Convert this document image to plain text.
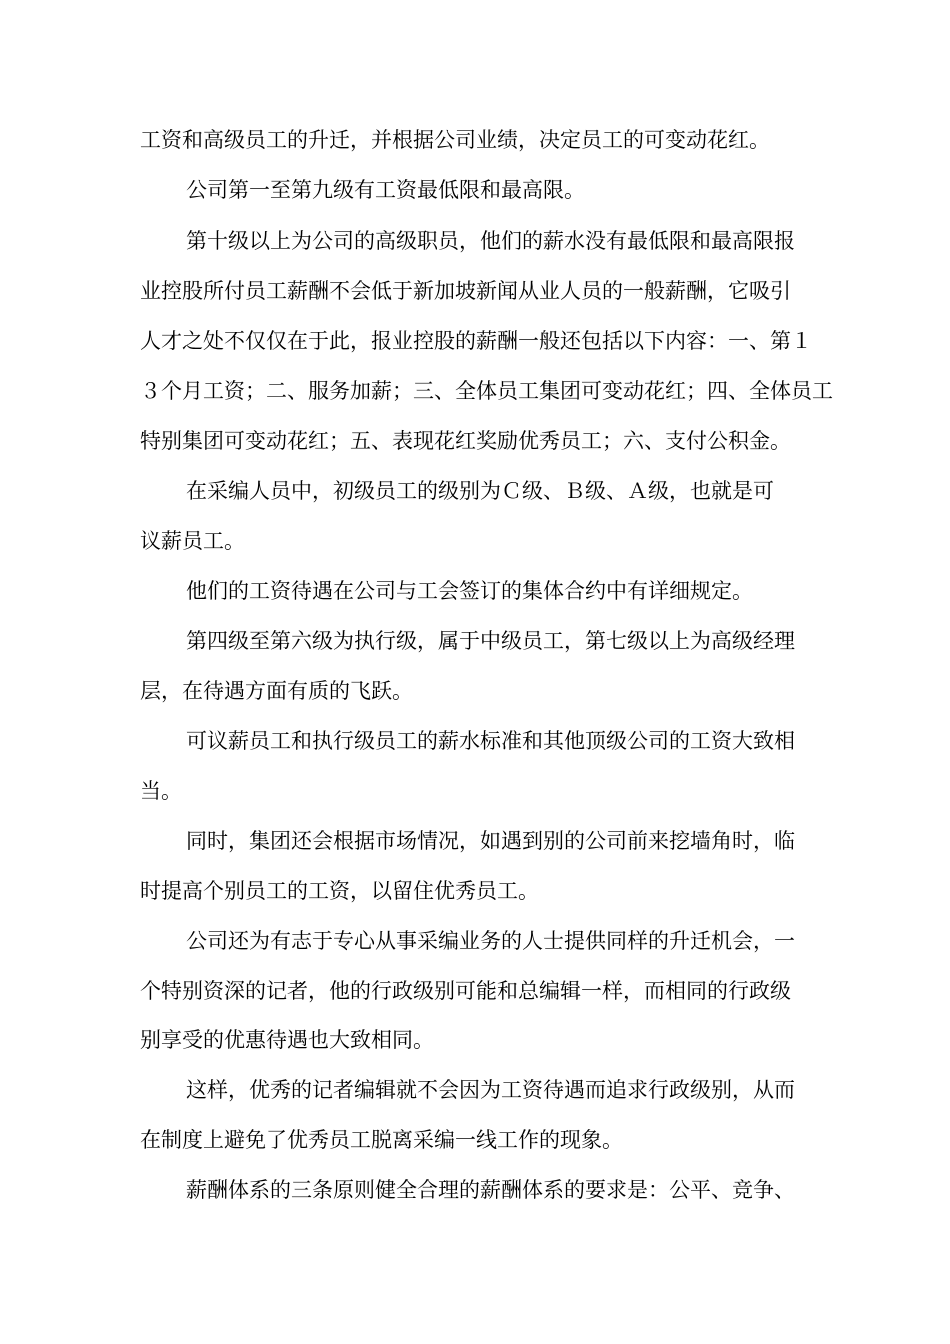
工资和高级员工的升迁，并根据公司业绩，决定员工的可变动花红。

公司第一至第九级有工资最低限和最高限。

第十级以上为公司的高级职员，他们的薪水没有最低限和最高限报

业控股所付员工薪酬不会低于新加坡新闻从业人员的一般薪酬，它吸引

人才之处不仅仅在于此，报业控股的薪酬一般还包括以下内容：一、第１

３个月工资；二、服务加薪；三、全体员工集团可变动花红；四、全体员工

特别集团可变动花红；五、表现花红奖励优秀员工；六、支付公积金。

在采编人员中，初级员工的级别为Ｃ级、Ｂ级、Ａ级，也就是可

议薪员工。

他们的工资待遇在公司与工会签订的集体合约中有详细规定。

第四级至第六级为执行级，属于中级员工，第七级以上为高级经理

层，在待遇方面有质的飞跃。

可议薪员工和执行级员工的薪水标准和其他顶级公司的工资大致相

当。

同时，集团还会根据市场情况，如遇到别的公司前来挖墙角时，临

时提高个别员工的工资，以留住优秀员工。

公司还为有志于专心从事采编业务的人士提供同样的升迁机会，一

个特别资深的记者，他的行政级别可能和总编辑一样，而相同的行政级

别享受的优惠待遇也大致相同。

这样，优秀的记者编辑就不会因为工资待遇而追求行政级别，从而

在制度上避免了优秀员工脱离采编一线工作的现象。

薪酬体系的三条原则健全合理的薪酬体系的要求是：公平、竞争、
